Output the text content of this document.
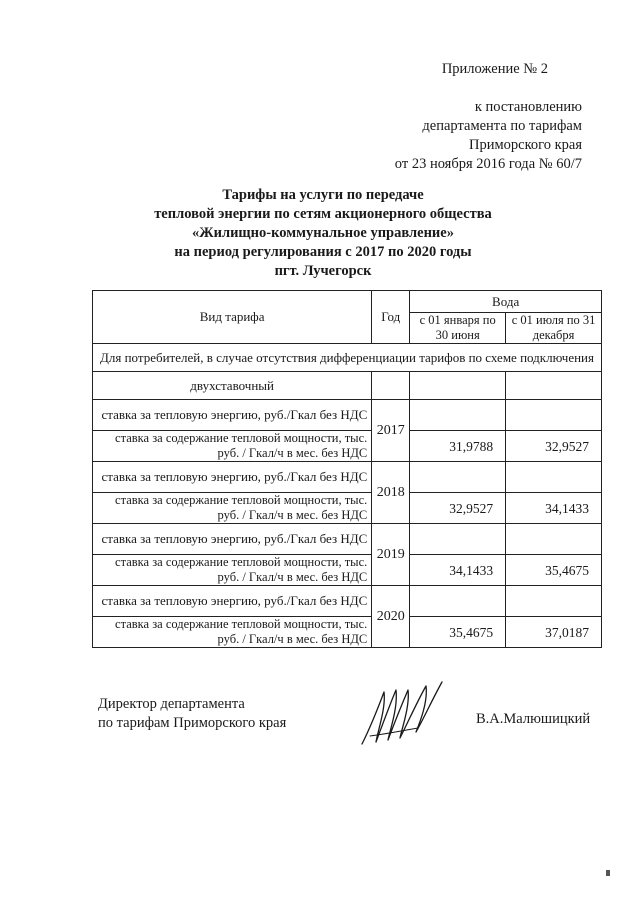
Приложение № 2
к постановлению
департамента по тарифам
Приморского края
от 23 ноября 2016 года № 60/7
Тарифы на услуги по передаче
тепловой энергии по сетям акционерного общества
«Жилищно-коммунальное управление»
на период регулирования с 2017 по 2020 годы
пгт. Лучегорск
Вид тарифа	Год	Вода	
		с 01 января по 30 июня	с 01 июля по 31 декабря
Для потребителей, в случае отсутствия дифференциации тарифов по схеме подключения			
двухставочный			
ставка за тепловую энергию, руб./Гкал без НДС	2017		
ставка за содержание тепловой мощности, тыс. руб. / Гкал/ч в мес. без НДС		31,9788	32,9527
ставка за тепловую энергию, руб./Гкал без НДС	2018		
ставка за содержание тепловой мощности, тыс. руб. / Гкал/ч в мес. без НДС		32,9527	34,1433
ставка за тепловую энергию, руб./Гкал без НДС	2019		
ставка за содержание тепловой мощности, тыс. руб. / Гкал/ч в мес. без НДС		34,1433	35,4675
ставка за тепловую энергию, руб./Гкал без НДС	2020		
ставка за содержание тепловой мощности, тыс. руб. / Гкал/ч в мес. без НДС		35,4675	37,0187
Директор департамента
по тарифам Приморского края	В.А.Малюшицкий
